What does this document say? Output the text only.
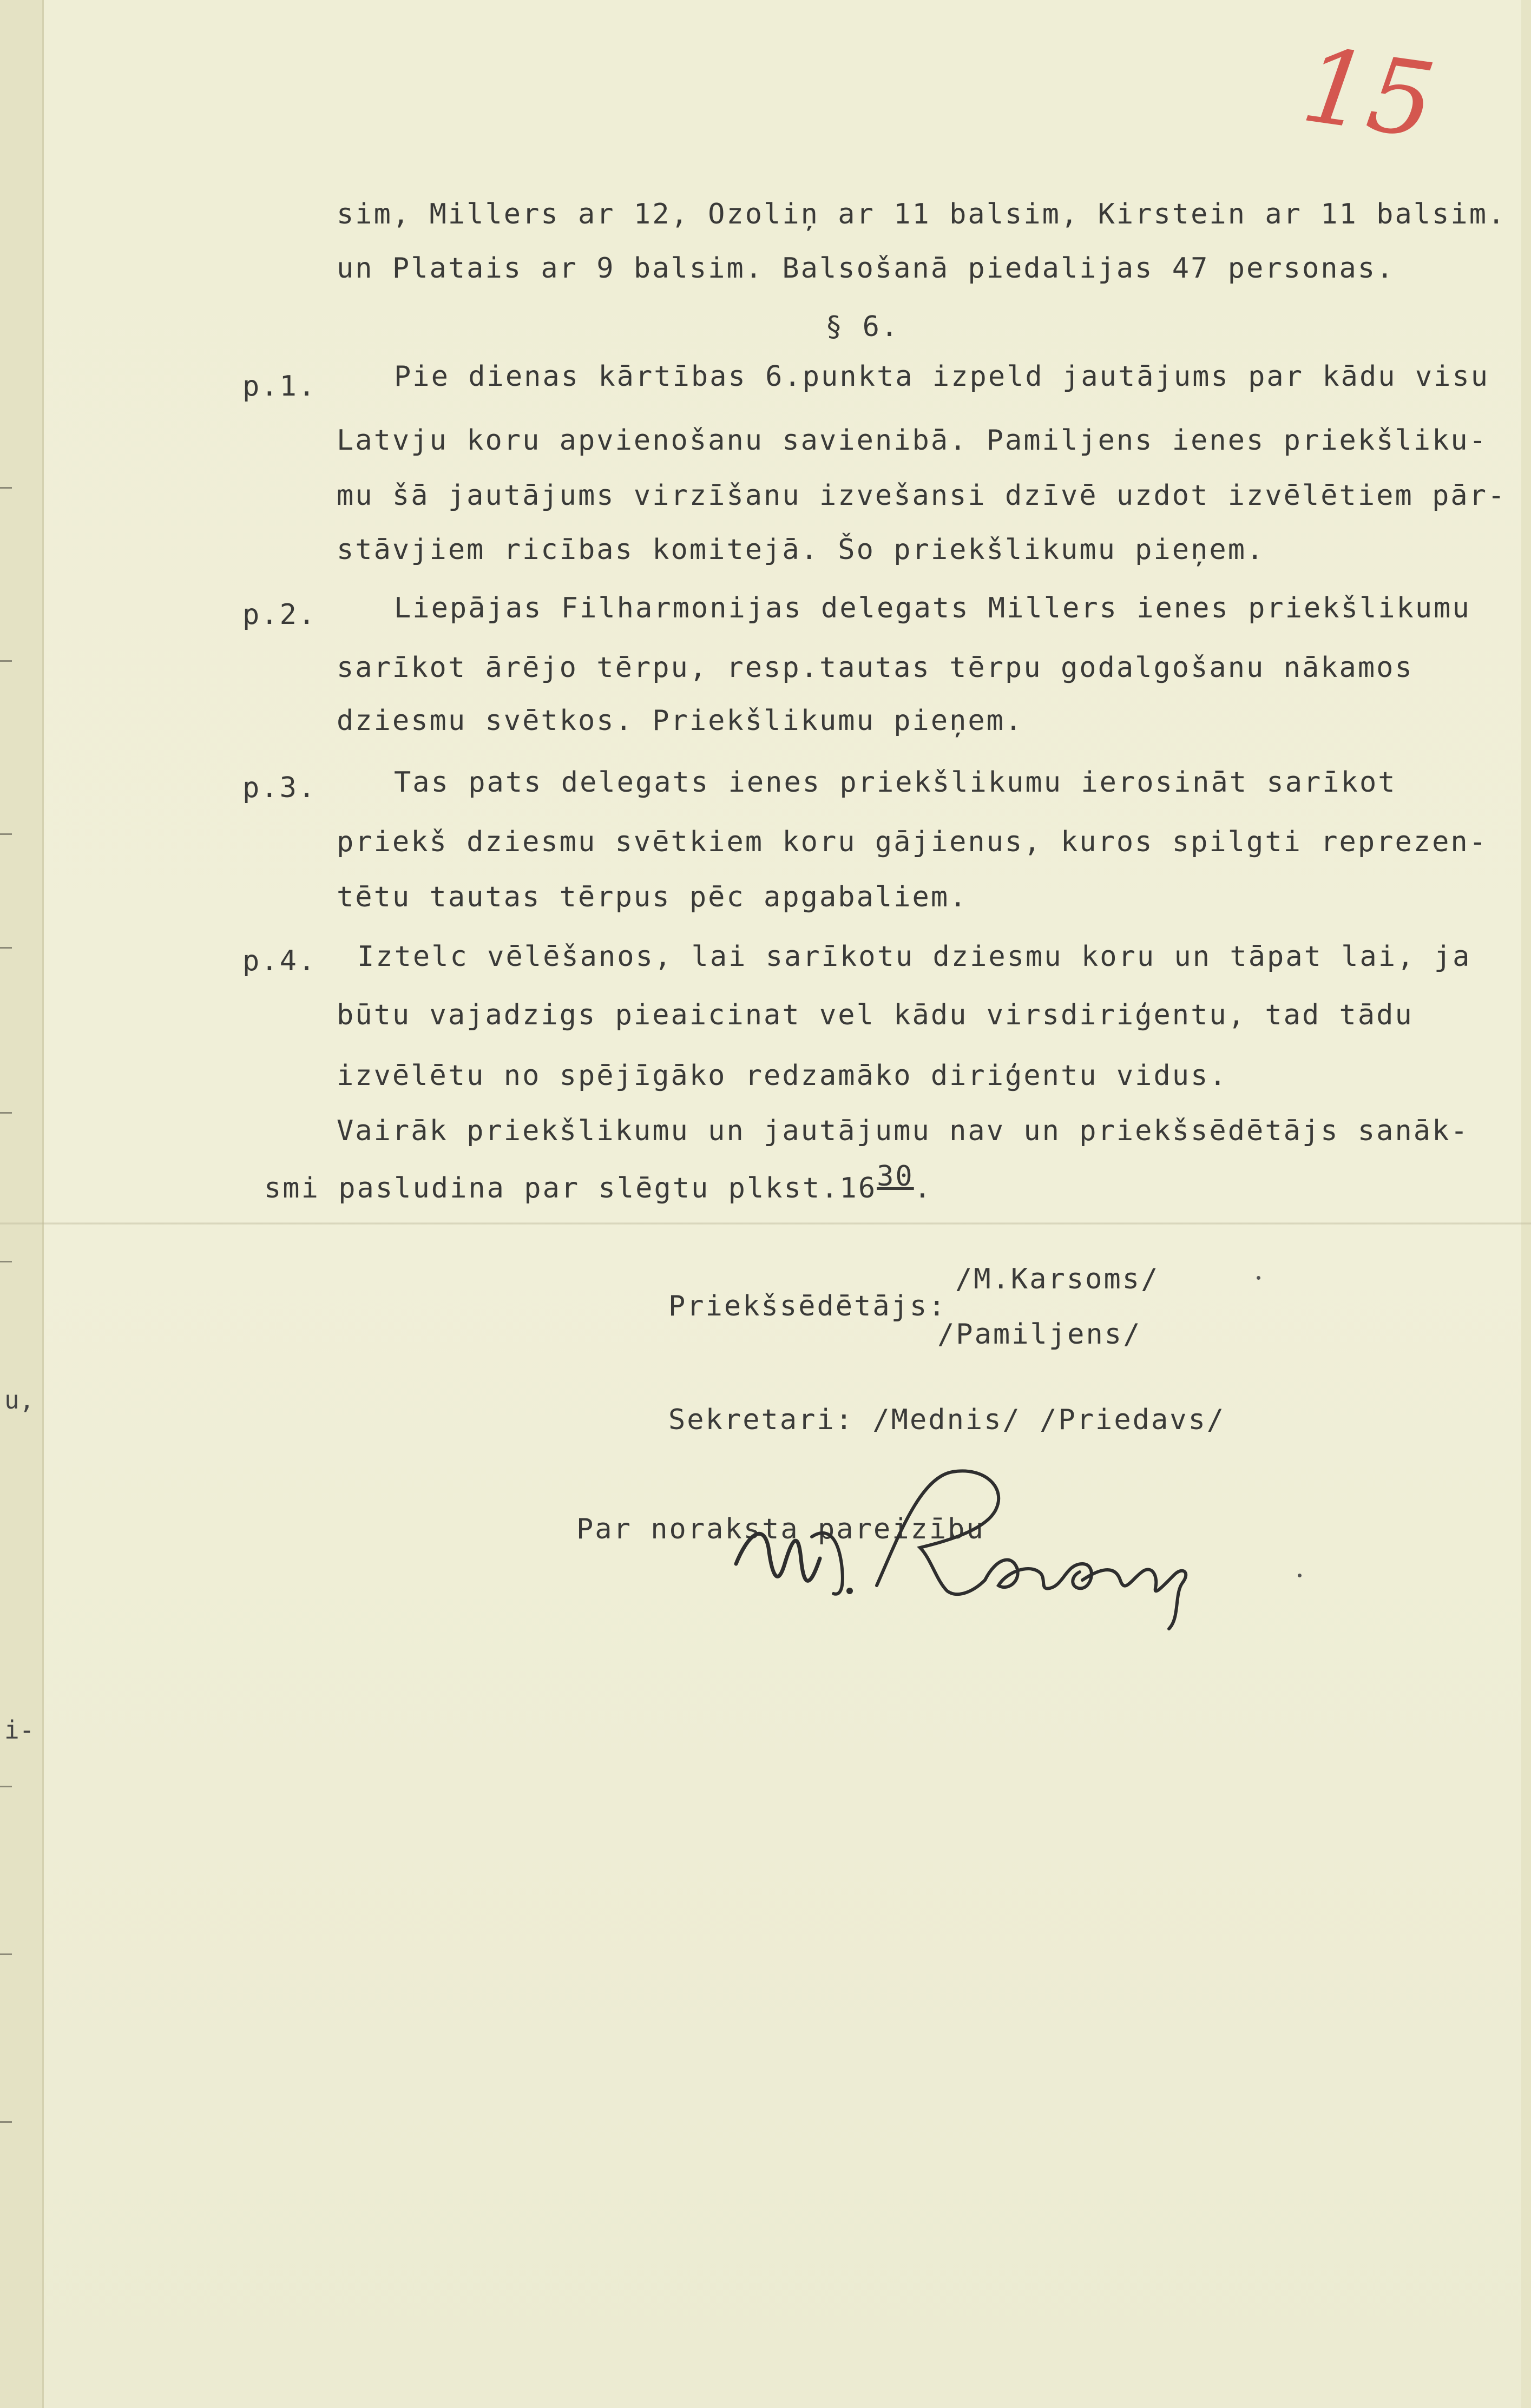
u,
i-
15
sim, Millers ar 12, Ozoliņ ar 11 balsim, Kirstein ar 11 balsim.
un Platais ar 9 balsim. Balsošanā piedalijas 47 personas.
§ 6.
p.1.	Pie dienas kārtības 6.punkta izpeld jautājums par kādu visu
Latvju koru apvienošanu savienibā. Pamiljens ienes priekšliku-
mu šā jautājums virzīšanu izvešansi dzīvē uzdot izvēlētiem pār-
stāvjiem ricības komitejā. Šo priekšlikumu pieņem.
p.2.	Liepājas Filharmonijas delegats Millers ienes priekšlikumu
sarīkot ārējo tērpu, resp.tautas tērpu godalgošanu nākamos
dziesmu svētkos. Priekšlikumu pieņem.
p.3.	Tas pats delegats ienes priekšlikumu ierosināt sarīkot
priekš dziesmu svētkiem koru gājienus, kuros spilgti reprezen-
tētu tautas tērpus pēc apgabaliem.
p.4. Iztelc vēlēšanos, lai sarīkotu dziesmu koru un tāpat lai, ja
būtu vajadzigs pieaicinat vel kādu virsdiriģentu, tad tādu
izvēlētu no spējīgāko redzamāko diriģentu vidus.
Vairāk priekšlikumu un jautājumu nav un priekšsēdētājs sanāk-
smi pasludina par slēgtu plkst.1630.
Priekšsēdētājs:
/M.Karsoms/
/Pamiljens/
Sekretari: /Mednis/ /Priedavs/
Par noraksta pareizību
